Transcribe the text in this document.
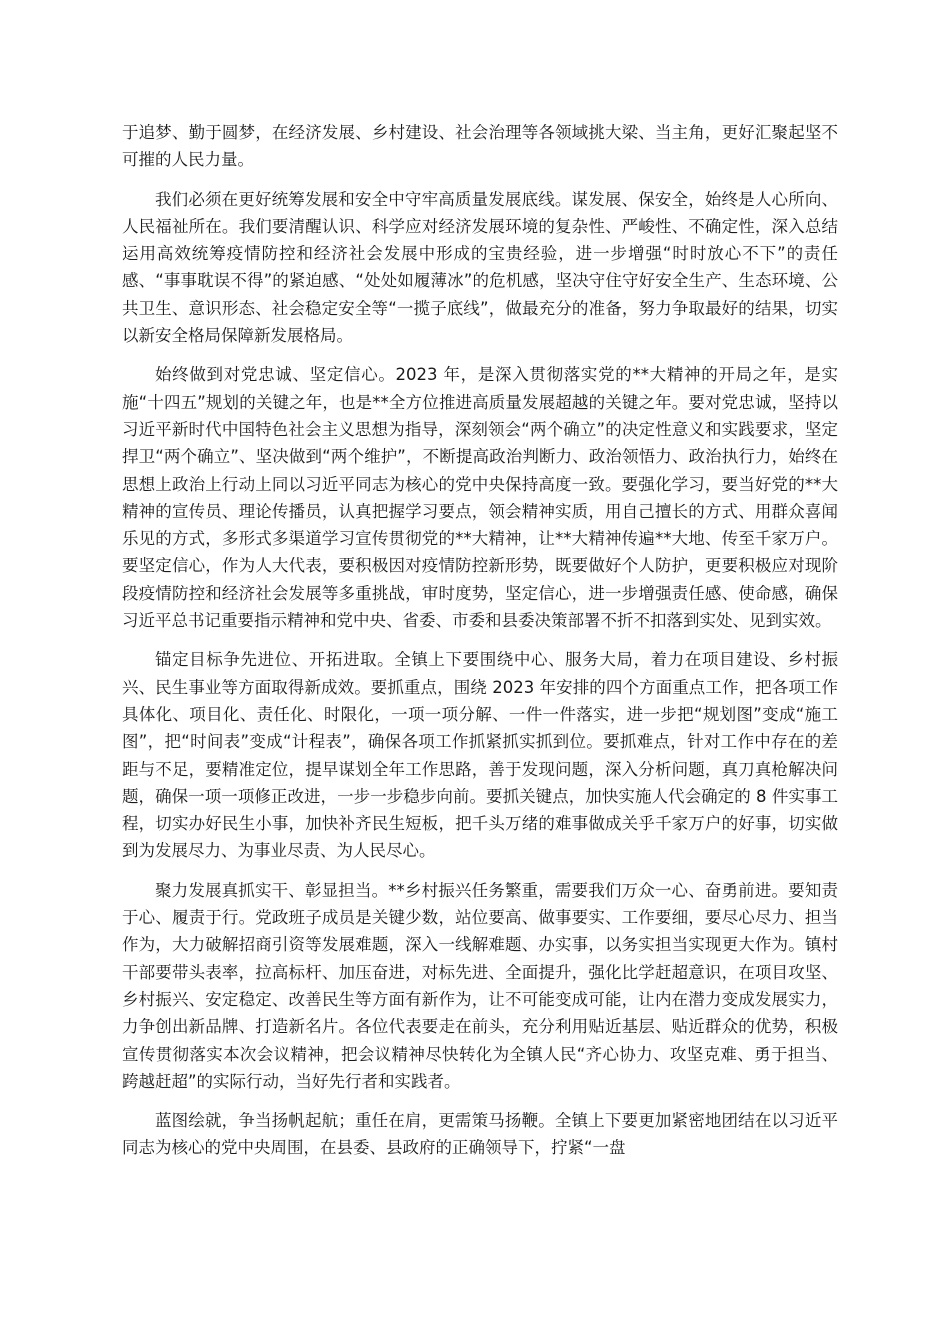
于追梦、勤于圆梦，在经济发展、乡村建设、社会治理等各领域挑大梁、当主角，更好汇聚起坚不可摧的人民力量。

我们必须在更好统筹发展和安全中守牢高质量发展底线。谋发展、保安全，始终是人心所向、人民福祉所在。我们要清醒认识、科学应对经济发展环境的复杂性、严峻性、不确定性，深入总结运用高效统筹疫情防控和经济社会发展中形成的宝贵经验，进一步增强“时时放心不下”的责任感、“事事耽误不得”的紧迫感、“处处如履薄冰”的危机感，坚决守住守好安全生产、生态环境、公共卫生、意识形态、社会稳定安全等“一揽子底线”，做最充分的准备，努力争取最好的结果，切实以新安全格局保障新发展格局。

始终做到对党忠诚、坚定信心。2023 年，是深入贯彻落实党的**大精神的开局之年，是实施“十四五”规划的关键之年，也是**全方位推进高质量发展超越的关键之年。要对党忠诚，坚持以习近平新时代中国特色社会主义思想为指导，深刻领会“两个确立”的决定性意义和实践要求，坚定捍卫“两个确立”、坚决做到“两个维护”，不断提高政治判断力、政治领悟力、政治执行力，始终在思想上政治上行动上同以习近平同志为核心的党中央保持高度一致。要强化学习，要当好党的**大精神的宣传员、理论传播员，认真把握学习要点，领会精神实质，用自己擅长的方式、用群众喜闻乐见的方式，多形式多渠道学习宣传贯彻党的**大精神，让**大精神传遍**大地、传至千家万户。要坚定信心，作为人大代表，要积极因对疫情防控新形势，既要做好个人防护，更要积极应对现阶段疫情防控和经济社会发展等多重挑战，审时度势，坚定信心，进一步增强责任感、使命感，确保习近平总书记重要指示精神和党中央、省委、市委和县委决策部署不折不扣落到实处、见到实效。

锚定目标争先进位、开拓进取。全镇上下要围绕中心、服务大局，着力在项目建设、乡村振兴、民生事业等方面取得新成效。要抓重点，围绕 2023 年安排的四个方面重点工作，把各项工作具体化、项目化、责任化、时限化，一项一项分解、一件一件落实，进一步把“规划图”变成“施工图”，把“时间表”变成“计程表”，确保各项工作抓紧抓实抓到位。要抓难点，针对工作中存在的差距与不足，要精准定位，提早谋划全年工作思路，善于发现问题，深入分析问题，真刀真枪解决问题，确保一项一项修正改进，一步一步稳步向前。要抓关键点，加快实施人代会确定的 8 件实事工程，切实办好民生小事，加快补齐民生短板，把千头万绪的难事做成关乎千家万户的好事，切实做到为发展尽力、为事业尽责、为人民尽心。

聚力发展真抓实干、彰显担当。**乡村振兴任务繁重，需要我们万众一心、奋勇前进。要知责于心、履责于行。党政班子成员是关键少数，站位要高、做事要实、工作要细，要尽心尽力、担当作为，大力破解招商引资等发展难题，深入一线解难题、办实事，以务实担当实现更大作为。镇村干部要带头表率，拉高标杆、加压奋进，对标先进、全面提升，强化比学赶超意识，在项目攻坚、乡村振兴、安定稳定、改善民生等方面有新作为，让不可能变成可能，让内在潜力变成发展实力，力争创出新品牌、打造新名片。各位代表要走在前头，充分利用贴近基层、贴近群众的优势，积极宣传贯彻落实本次会议精神，把会议精神尽快转化为全镇人民“齐心协力、攻坚克难、勇于担当、跨越赶超”的实际行动，当好先行者和实践者。

蓝图绘就，争当扬帆起航；重任在肩，更需策马扬鞭。全镇上下要更加紧密地团结在以习近平同志为核心的党中央周围，在县委、县政府的正确领导下，拧紧“一盘
